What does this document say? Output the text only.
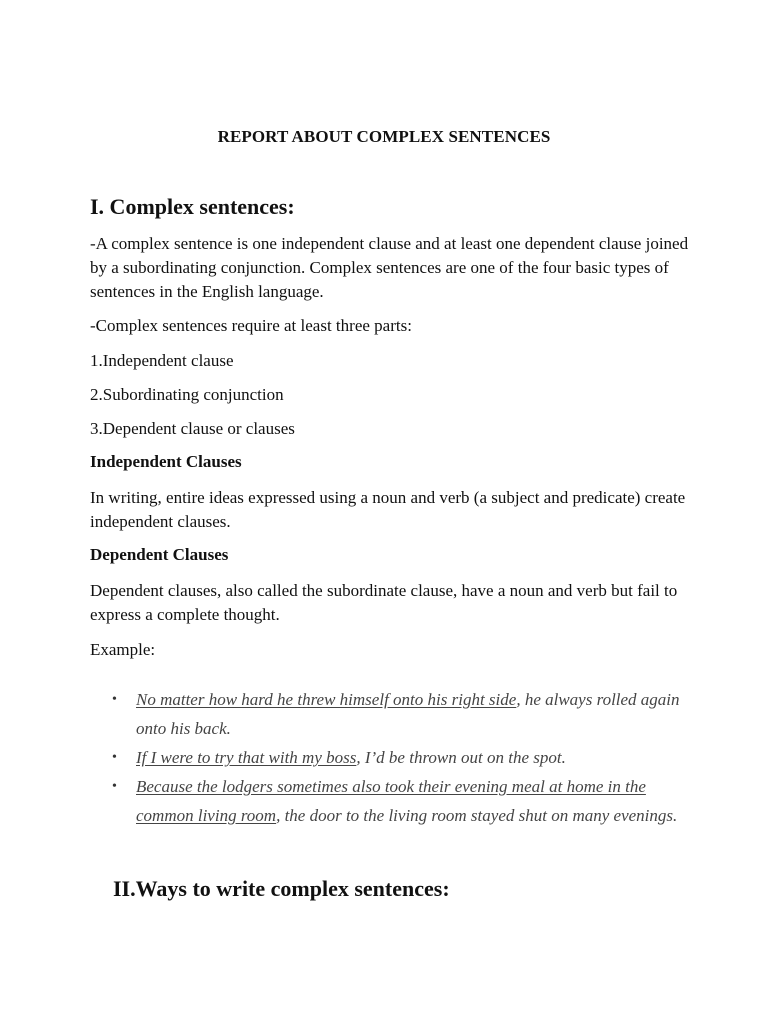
REPORT ABOUT COMPLEX SENTENCES
I. Complex sentences:
-A complex sentence is one independent clause and at least one dependent clause joined by a subordinating conjunction. Complex sentences are one of the four basic types of sentences in the English language.
-Complex sentences require at least three parts:
1.Independent clause
2.Subordinating conjunction
3.Dependent clause or clauses
Independent Clauses
In writing, entire ideas expressed using a noun and verb (a subject and predicate) create independent clauses.
Dependent Clauses
Dependent clauses, also called the subordinate clause, have a noun and verb but fail to express a complete thought.
Example:
• No matter how hard he threw himself onto his right side, he always rolled again onto his back.
• If I were to try that with my boss, I’d be thrown out on the spot.
• Because the lodgers sometimes also took their evening meal at home in the common living room, the door to the living room stayed shut on many evenings.
II.Ways to write complex sentences:
